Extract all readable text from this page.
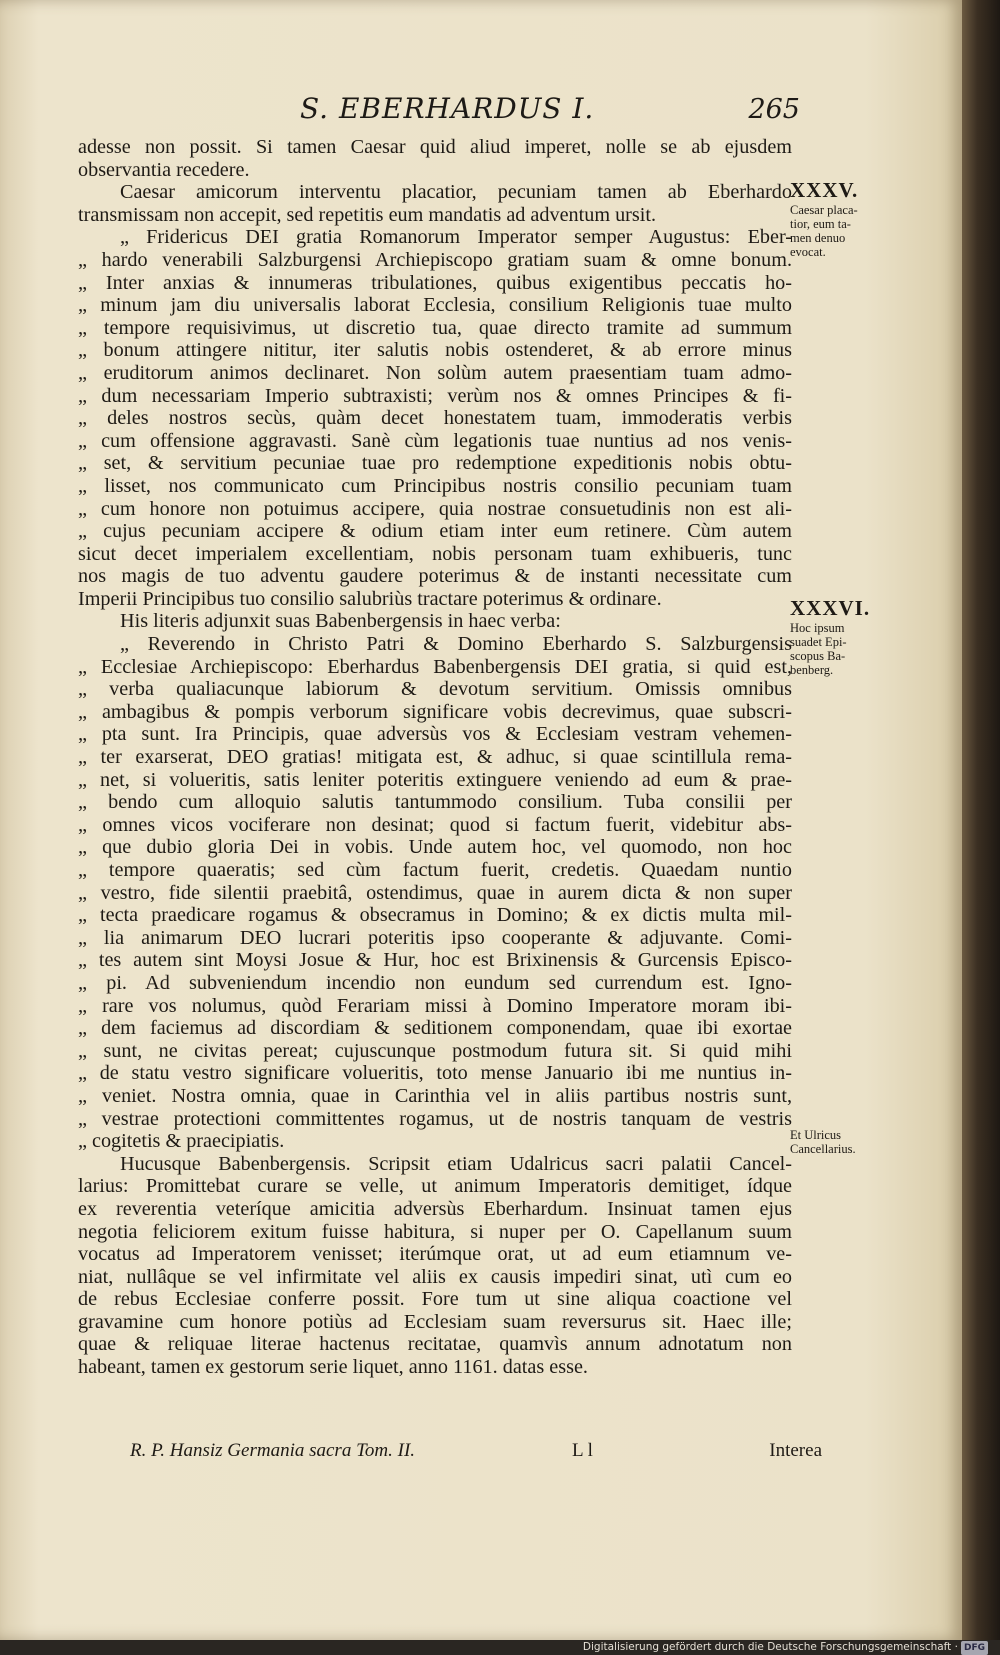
S. EBERHARDUS I.	265
adesse non possit. Si tamen Caesar quid aliud imperet, nolle se ab ejusdem
observantia recedere.
Caesar amicorum interventu placatior, pecuniam tamen ab Eberhardo
transmissam non accepit, sed repetitis eum mandatis ad adventum ursit.
„ Fridericus DEI gratia Romanorum Imperator semper Augustus: Eber-
„ hardo venerabili Salzburgensi Archiepiscopo gratiam suam & omne bonum.
„ Inter anxias & innumeras tribulationes, quibus exigentibus peccatis ho-
„ minum jam diu universalis laborat Ecclesia, consilium Religionis tuae multo
„ tempore requisivimus, ut discretio tua, quae directo tramite ad summum
„ bonum attingere nititur, iter salutis nobis ostenderet, & ab errore minus
„ eruditorum animos declinaret. Non solùm autem praesentiam tuam admo-
„ dum necessariam Imperio subtraxisti; verùm nos & omnes Principes & fi-
„ deles nostros secùs, quàm decet honestatem tuam, immoderatis verbis
„ cum offensione aggravasti. Sanè cùm legationis tuae nuntius ad nos venis-
„ set, & servitium pecuniae tuae pro redemptione expeditionis nobis obtu-
„ lisset, nos communicato cum Principibus nostris consilio pecuniam tuam
„ cum honore non potuimus accipere, quia nostrae consuetudinis non est ali-
„ cujus pecuniam accipere & odium etiam inter eum retinere. Cùm autem
sicut decet imperialem excellentiam, nobis personam tuam exhibueris, tunc
nos magis de tuo adventu gaudere poterimus & de instanti necessitate cum
Imperii Principibus tuo consilio salubriùs tractare poterimus & ordinare.
His literis adjunxit suas Babenbergensis in haec verba:
„ Reverendo in Christo Patri & Domino Eberhardo S. Salzburgensis
„ Ecclesiae Archiepiscopo: Eberhardus Babenbergensis DEI gratia, si quid est,
„ verba qualiacunque labiorum & devotum servitium. Omissis omnibus
„ ambagibus & pompis verborum significare vobis decrevimus, quae subscri-
„ pta sunt. Ira Principis, quae adversùs vos & Ecclesiam vestram vehemen-
„ ter exarserat, DEO gratias! mitigata est, & adhuc, si quae scintillula rema-
„ net, si volueritis, satis leniter poteritis extinguere veniendo ad eum & prae-
„ bendo cum alloquio salutis tantummodo consilium. Tuba consilii per
„ omnes vicos vociferare non desinat; quod si factum fuerit, videbitur abs-
„ que dubio gloria Dei in vobis. Unde autem hoc, vel quomodo, non hoc
„ tempore quaeratis; sed cùm factum fuerit, credetis. Quaedam nuntio
„ vestro, fide silentii praebitâ, ostendimus, quae in aurem dicta & non super
„ tecta praedicare rogamus & obsecramus in Domino; & ex dictis multa mil-
„ lia animarum DEO lucrari poteritis ipso cooperante & adjuvante. Comi-
„ tes autem sint Moysi Josue & Hur, hoc est Brixinensis & Gurcensis Episco-
„ pi. Ad subveniendum incendio non eundum sed currendum est. Igno-
„ rare vos nolumus, quòd Ferariam missi à Domino Imperatore moram ibi-
„ dem faciemus ad discordiam & seditionem componendam, quae ibi exortae
„ sunt, ne civitas pereat; cujuscunque postmodum futura sit. Si quid mihi
„ de statu vestro significare volueritis, toto mense Januario ibi me nuntius in-
„ veniet. Nostra omnia, quae in Carinthia vel in aliis partibus nostris sunt,
„ vestrae protectioni committentes rogamus, ut de nostris tanquam de vestris
„ cogitetis & praecipiatis.
Hucusque Babenbergensis. Scripsit etiam Udalricus sacri palatii Cancel-
larius: Promittebat curare se velle, ut animum Imperatoris demitiget, ídque
ex reverentia veteríque amicitia adversùs Eberhardum. Insinuat tamen ejus
negotia feliciorem exitum fuisse habitura, si nuper per O. Capellanum suum
vocatus ad Imperatorem venisset; iterúmque orat, ut ad eum etiamnum ve-
niat, nullâque se vel infirmitate vel aliis ex causis impediri sinat, utì cum eo
de rebus Ecclesiae conferre possit. Fore tum ut sine aliqua coactione vel
gravamine cum honore potiùs ad Ecclesiam suam reversurus sit. Haec ille;
quae & reliquae literae hactenus recitatae, quamvìs annum adnotatum non
habeant, tamen ex gestorum serie liquet, anno 1161. datas esse.
XXXV.
Caesar placa- tior, eum ta- men denuo evocat.
XXXVI.
Hoc ipsum suadet Epi- scopus Ba- benberg.
Et Ulricus Cancellarius.
R. P. Hansiz Germania sacra Tom. II.	L l	Interea
Digitalisierung gefördert durch die Deutsche Forschungsgemeinschaft · DFG
